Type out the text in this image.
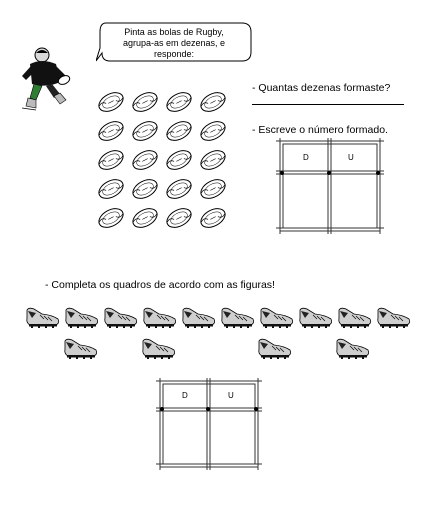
Pinta as bolas de Rugby,
agrupa-as em dezenas, e
responde:
- Quantas dezenas formaste?
- Escreve o número formado.
D	U
- Completa os quadros de acordo com as figuras!
D	U
